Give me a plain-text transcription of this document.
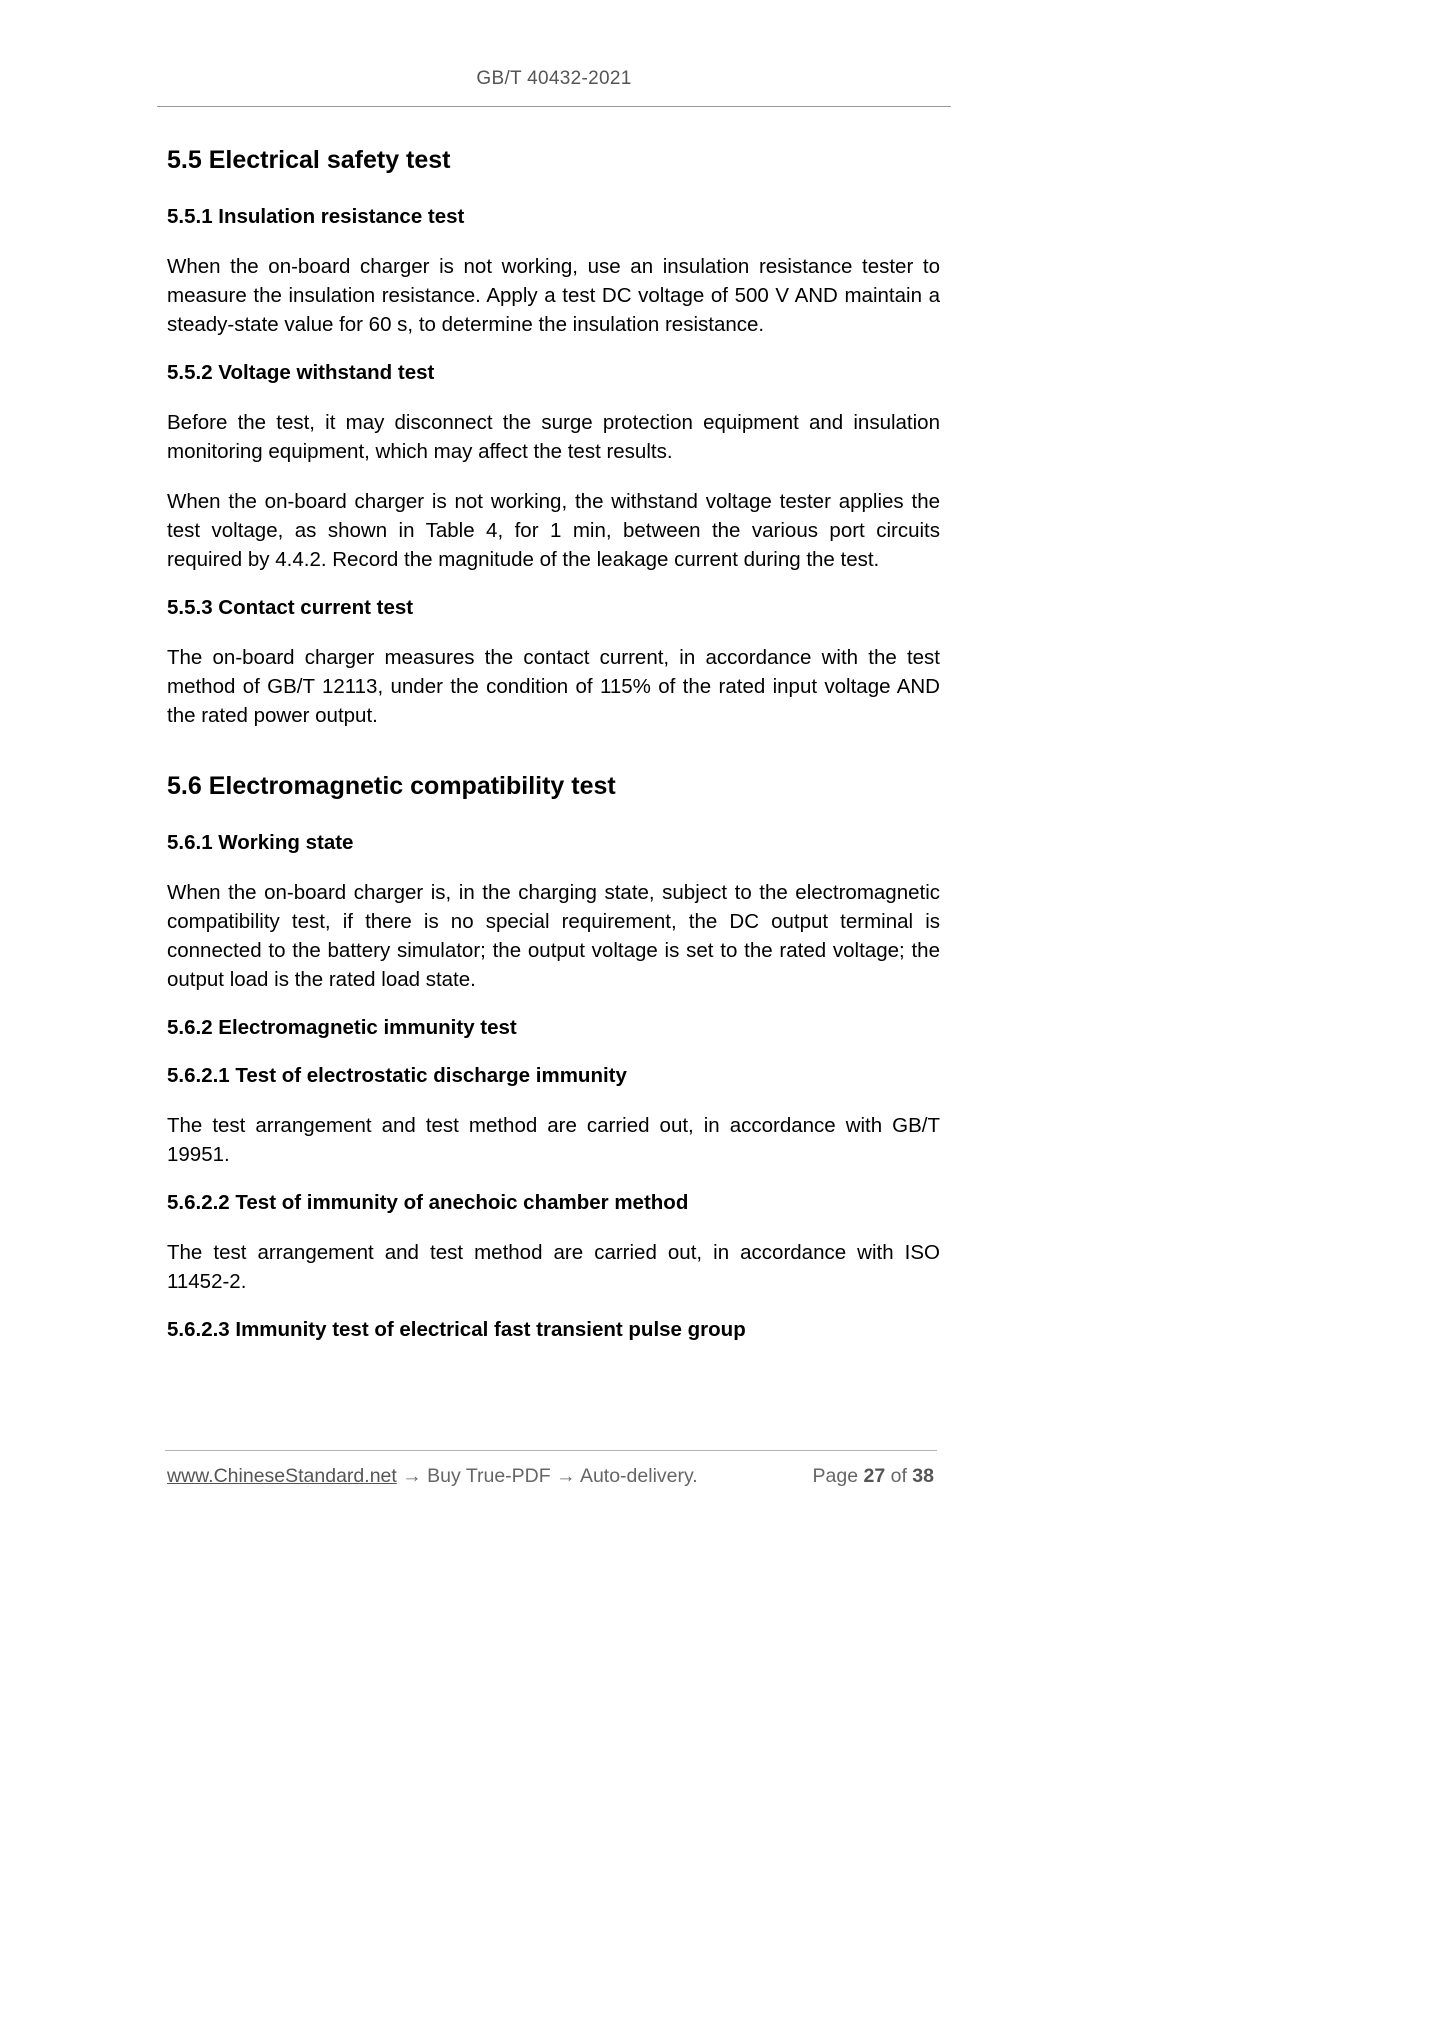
GB/T 40432-2021
5.5 Electrical safety test
5.5.1 Insulation resistance test

When the on-board charger is not working, use an insulation resistance tester to measure the insulation resistance. Apply a test DC voltage of 500 V AND maintain a steady-state value for 60 s, to determine the insulation resistance.

5.5.2 Voltage withstand test

Before the test, it may disconnect the surge protection equipment and insulation monitoring equipment, which may affect the test results.

When the on-board charger is not working, the withstand voltage tester applies the test voltage, as shown in Table 4, for 1 min, between the various port circuits required by 4.4.2. Record the magnitude of the leakage current during the test.

5.5.3 Contact current test

The on-board charger measures the contact current, in accordance with the test method of GB/T 12113, under the condition of 115% of the rated input voltage AND the rated power output.

5.6 Electromagnetic compatibility test
5.6.1 Working state

When the on-board charger is, in the charging state, subject to the electromagnetic compatibility test, if there is no special requirement, the DC output terminal is connected to the battery simulator; the output voltage is set to the rated voltage; the output load is the rated load state.

5.6.2 Electromagnetic immunity test
5.6.2.1 Test of electrostatic discharge immunity

The test arrangement and test method are carried out, in accordance with GB/T 19951.

5.6.2.2 Test of immunity of anechoic chamber method

The test arrangement and test method are carried out, in accordance with ISO 11452-2.

5.6.2.3 Immunity test of electrical fast transient pulse group
www.ChineseStandard.net → Buy True-PDF → Auto-delivery.	Page 27 of 38
